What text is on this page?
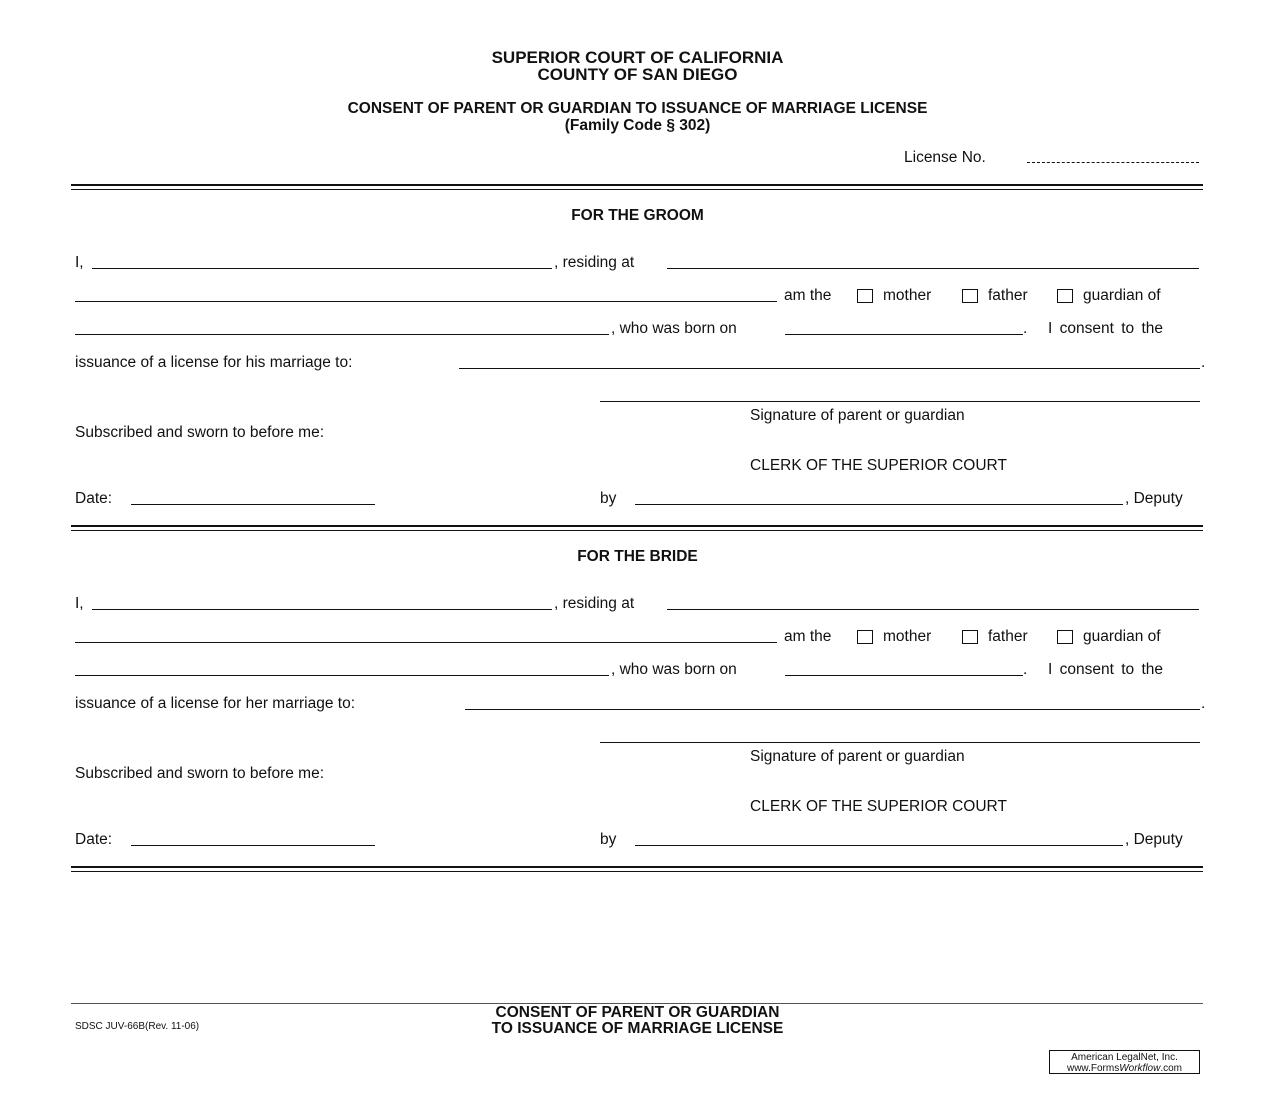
SUPERIOR COURT OF CALIFORNIA
COUNTY OF SAN DIEGO
CONSENT OF PARENT OR GUARDIAN TO ISSUANCE OF MARRIAGE LICENSE
(Family Code § 302)
License No.
FOR THE GROOM
I,	, residing at
am the	mother	father	guardian of
, who was born on	. I consent to the
issuance of a license for his marriage to:	.
Signature of parent or guardian
Subscribed and sworn to before me:
CLERK OF THE SUPERIOR COURT
Date:	by	, Deputy
FOR THE BRIDE
I,	, residing at
am the	mother	father	guardian of
, who was born on	. I consent to the
issuance of a license for her marriage to:	.
Signature of parent or guardian
Subscribed and sworn to before me:
CLERK OF THE SUPERIOR COURT
Date:	by	, Deputy
SDSC JUV-66B(Rev. 11-06)
CONSENT OF PARENT OR GUARDIAN
TO ISSUANCE OF MARRIAGE LICENSE
American LegalNet, Inc.
www.FormsWorkflow.com
